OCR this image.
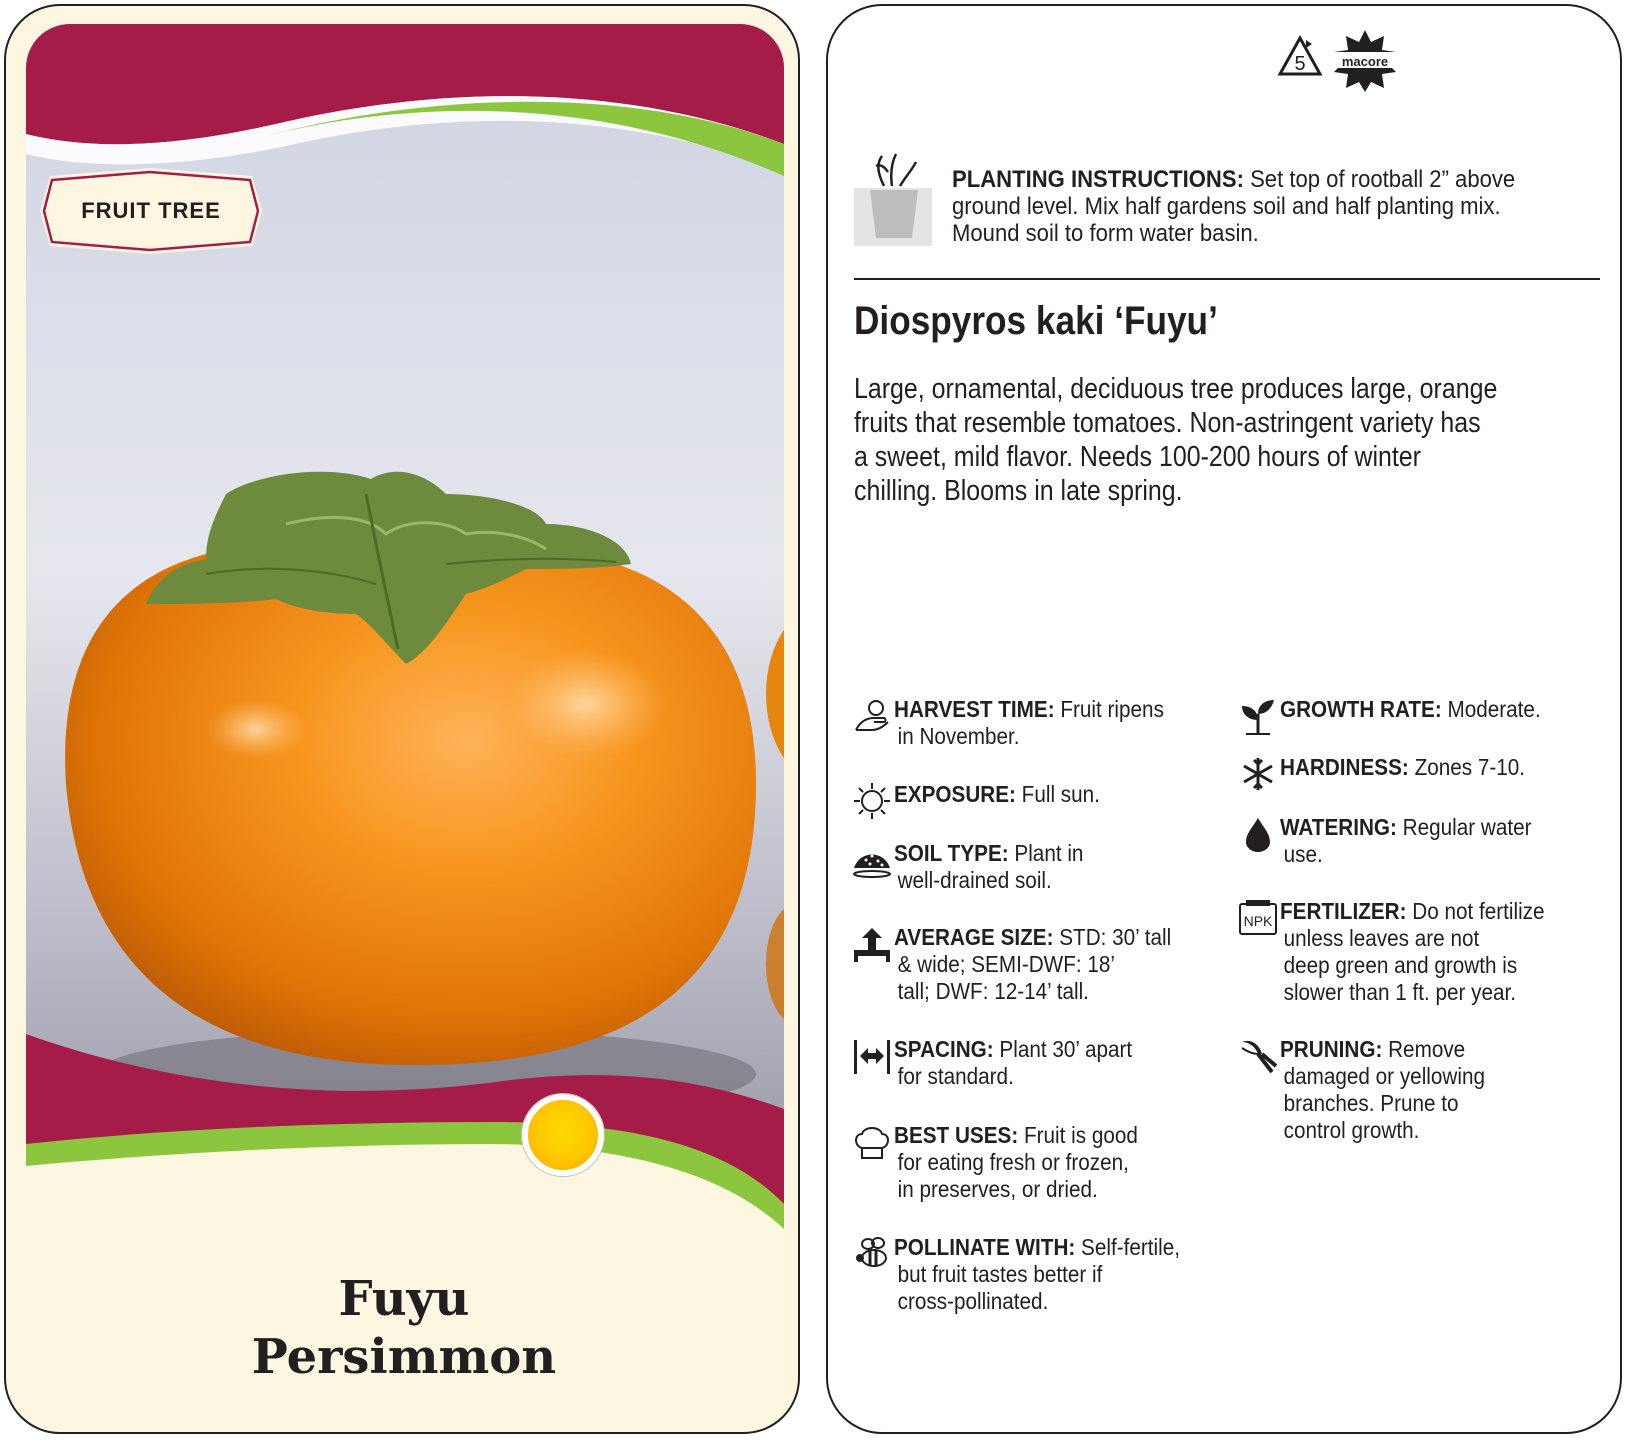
FRUIT TREE
Fuyu
Persimmon
5	macore
PLANTING INSTRUCTIONS: Set top of rootball 2” above
ground level. Mix half gardens soil and half planting mix.
Mound soil to form water basin.
Diospyros kaki ‘Fuyu’
Large, ornamental, deciduous tree produces large, orange
fruits that resemble tomatoes. Non-astringent variety has
a sweet, mild flavor. Needs 100-200 hours of winter
chilling. Blooms in late spring.
HARVEST TIME: Fruit ripens
in November.
EXPOSURE: Full sun.
SOIL TYPE: Plant in
well-drained soil.
AVERAGE SIZE: STD: 30’ tall
& wide; SEMI-DWF: 18’
tall; DWF: 12-14’ tall.
SPACING: Plant 30’ apart
for standard.
BEST USES: Fruit is good
for eating fresh or frozen,
in preserves, or dried.
POLLINATE WITH: Self-fertile,
but fruit tastes better if
cross-pollinated.
GROWTH RATE: Moderate.
HARDINESS: Zones 7-10.
WATERING: Regular water
use.
NPK FERTILIZER: Do not fertilize
unless leaves are not
deep green and growth is
slower than 1 ft. per year.
PRUNING: Remove
damaged or yellowing
branches. Prune to
control growth.
